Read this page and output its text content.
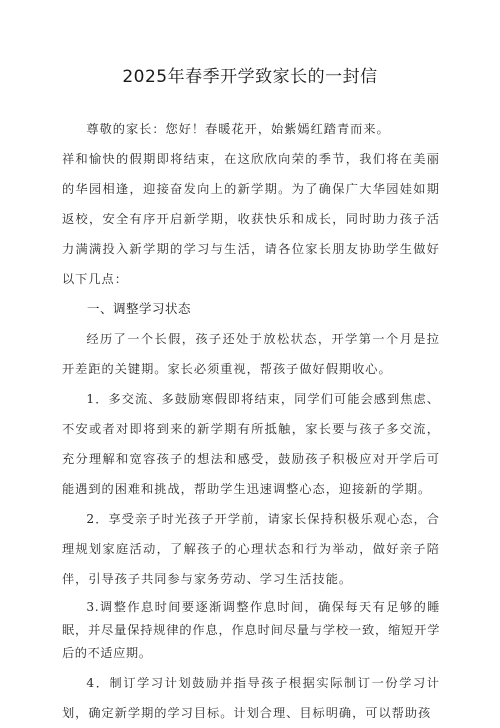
2025年春季开学致家长的一封信

尊敬的家长：您好！春暖花开，始紫嫣红踏青而来。

祥和愉快的假期即将结束，在这欣欣向荣的季节，我们将在美丽的华园相逢，迎接奋发向上的新学期。为了确保广大华园娃如期返校，安全有序开启新学期，收获快乐和成长，同时助力孩子活力满满投入新学期的学习与生活，请各位家长朋友协助学生做好以下几点：

一、调整学习状态

经历了一个长假，孩子还处于放松状态，开学第一个月是拉开差距的关键期。家长必须重视，帮孩子做好假期收心。

1．多交流、多鼓励寒假即将结束，同学们可能会感到焦虑、不安或者对即将到来的新学期有所抵触，家长要与孩子多交流，充分理解和宽容孩子的想法和感受，鼓励孩子积极应对开学后可能遇到的困难和挑战，帮助学生迅速调整心态，迎接新的学期。

2．享受亲子时光孩子开学前，请家长保持积极乐观心态，合理规划家庭活动，了解孩子的心理状态和行为举动，做好亲子陪伴，引导孩子共同参与家务劳动、学习生活技能。

3.调整作息时间要逐渐调整作息时间，确保每天有足够的睡眠，并尽量保持规律的作息，作息时间尽量与学校一致，缩短开学后的不适应期。

4．制订学习计划鼓励并指导孩子根据实际制订一份学习计划，确定新学期的学习目标。计划合理、目标明确，可以帮助孩
